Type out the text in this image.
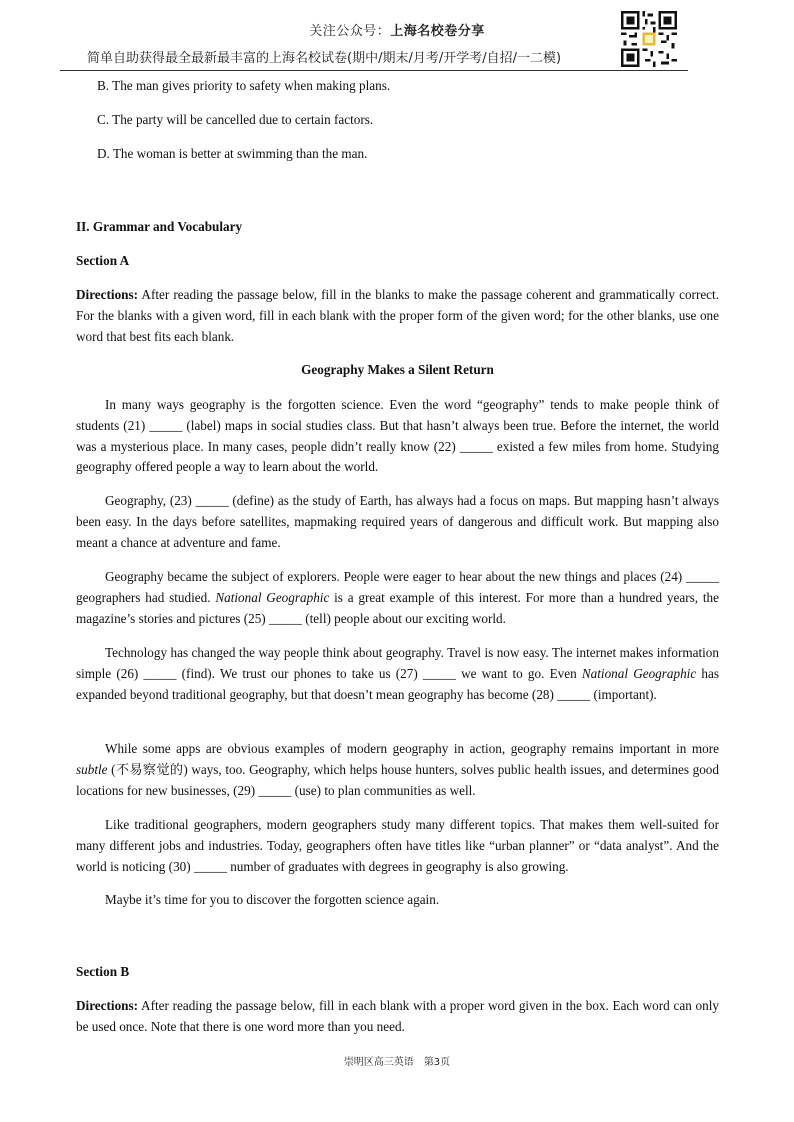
关注公众号：上海名校卷分享
简单自助获得最全最新最丰富的上海名校试卷(期中/期末/月考/开学考/自招/一二模)

B. The man gives priority to safety when making plans.

C. The party will be cancelled due to certain factors.

D. The woman is better at swimming than the man.

II. Grammar and Vocabulary

Section A

Directions: After reading the passage below, fill in the blanks to make the passage coherent and grammatically correct. For the blanks with a given word, fill in each blank with the proper form of the given word; for the other blanks, use one word that best fits each blank.

Geography Makes a Silent Return

In many ways geography is the forgotten science. Even the word “geography” tends to make people think of students (21) _____ (label) maps in social studies class. But that hasn’t always been true. Before the internet, the world was a mysterious place. In many cases, people didn’t really know (22) _____ existed a few miles from home. Studying geography offered people a way to learn about the world.

Geography, (23) _____ (define) as the study of Earth, has always had a focus on maps. But mapping hasn’t always been easy. In the days before satellites, mapmaking required years of dangerous and difficult work. But mapping also meant a chance at adventure and fame.

Geography became the subject of explorers. People were eager to hear about the new things and places (24) _____ geographers had studied. National Geographic is a great example of this interest. For more than a hundred years, the magazine’s stories and pictures (25) _____ (tell) people about our exciting world.

Technology has changed the way people think about geography. Travel is now easy. The internet makes information simple (26) _____ (find). We trust our phones to take us (27) _____ we want to go. Even National Geographic has expanded beyond traditional geography, but that doesn’t mean geography has become (28) _____ (important).

While some apps are obvious examples of modern geography in action, geography remains important in more subtle (不易察觉的) ways, too. Geography, which helps house hunters, solves public health issues, and determines good locations for new businesses, (29) _____ (use) to plan communities as well.

Like traditional geographers, modern geographers study many different topics. That makes them well-suited for many different jobs and industries. Today, geographers often have titles like “urban planner” or “data analyst”. And the world is noticing (30) _____ number of graduates with degrees in geography is also growing.

Maybe it’s time for you to discover the forgotten science again.

Section B

Directions: After reading the passage below, fill in each blank with a proper word given in the box. Each word can only be used once. Note that there is one word more than you need.

崇明区高三英语 第3页
